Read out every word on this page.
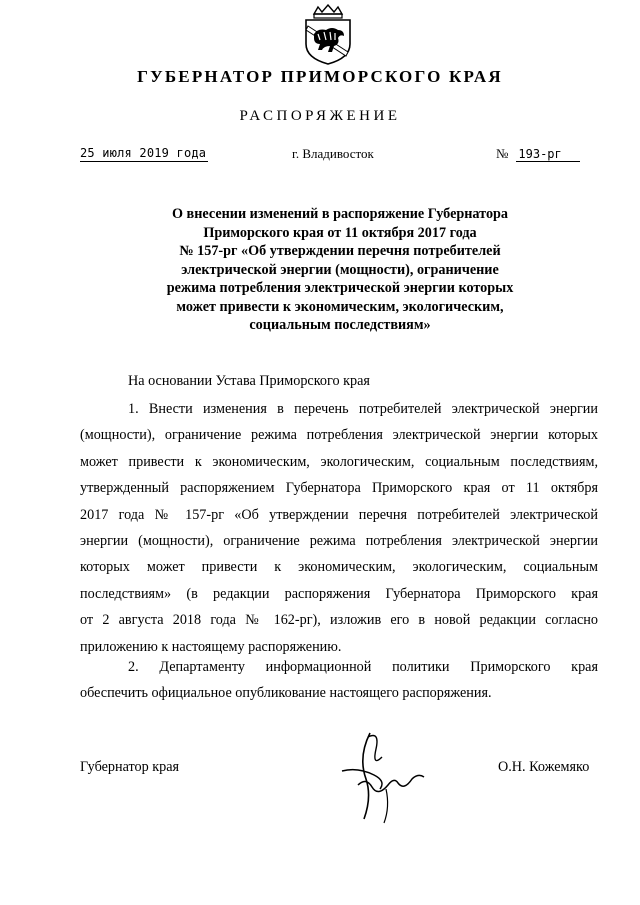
ГУБЕРНАТОР ПРИМОРСКОГО КРАЯ
РАСПОРЯЖЕНИЕ
25 июля 2019 года	г. Владивосток	№ 193-рг
О внесении изменений в распоряжение Губернатора
Приморского края от 11 октября 2017 года
№ 157-рг «Об утверждении перечня потребителей
электрической энергии (мощности), ограничение
режима потребления электрической энергии которых
может привести к экономическим, экологическим,
социальным последствиям»
На основании Устава Приморского края
1. Внести изменения в перечень потребителей электрической энергии
(мощности), ограничение режима потребления электрической энергии которых
может привести к экономическим, экологическим, социальным последствиям,
утвержденный распоряжением Губернатора Приморского края от 11 октября
2017 года № 157-рг «Об утверждении перечня потребителей электрической
энергии (мощности), ограничение режима потребления электрической энергии
которых может привести к экономическим, экологическим, социальным
последствиям» (в редакции распоряжения Губернатора Приморского края
от 2 августа 2018 года № 162-рг), изложив его в новой редакции согласно
приложению к настоящему распоряжению.
2. Департаменту информационной политики Приморского края
обеспечить официальное опубликование настоящего распоряжения.
Губернатор края	О.Н. Кожемяко
